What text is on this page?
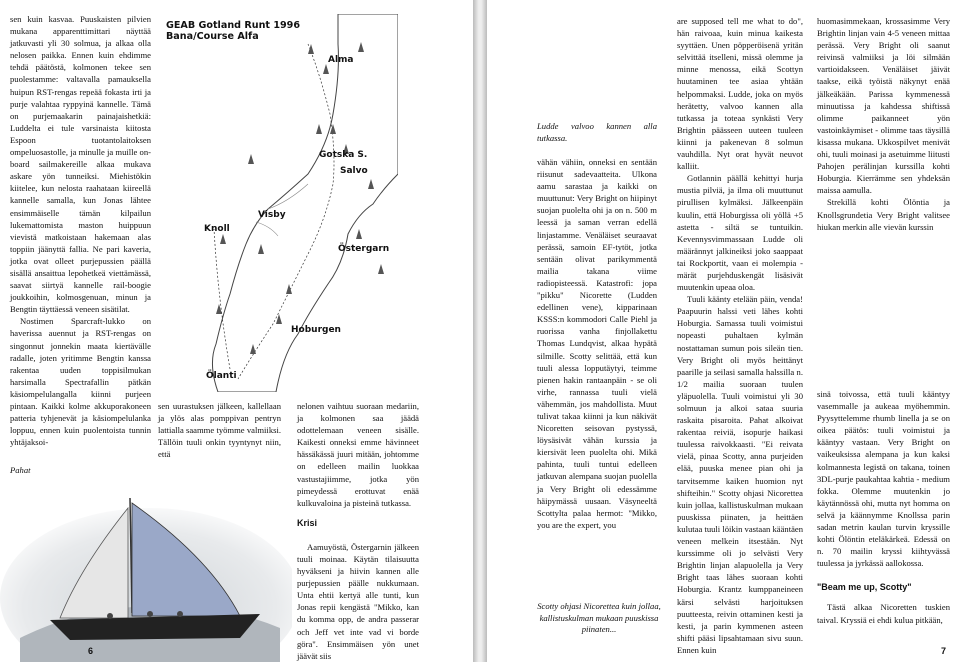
sen kuin kasvaa. Puuskaisten pilvien mukana apparenttimittari näyttää jatkuvasti yli 30 solmua, ja alkaa olla nelosen paikka. Ennen kuin ehdimme tehdä päätöstä, kolmonen tekee sen puolestamme: valtavalla pamauksella huipun RST-rengas repeää fokasta irti ja purje valahtaa ryppyinä kannelle. Tämä on purjemaakarin painajaishetkiä: Luddelta ei tule varsinaista kiitosta Espoon tuotantolaitoksen ompeluosastolle, ja minulle ja muille on-board sailmakereille alkaa mukava askare yön tunneiksi. Miehistökin kiitelee, kun nelosta raahataan kiireellä kannelle samalla, kun Jonas lähtee ensimmäiselle tämän kilpailun lukemattomista maston huippuun vievistä matkoistaan hakemaan alas toppiin jäänyttä fallia. Ne pari kaveria, jotka ovat olleet purjepussien päällä sisällä ansaittua lepohetkeä viettämässä, saavat siirtyä kannelle rail-boogie joukkoihin, kolmosgenuan, minun ja Bengtin täyttäessä veneen sisätilat.

Nostimen Sparcraft-lukko on haverissa auennut ja RST-rengas on singonnut jonnekin maata kiertävälle radalle, joten yritimme Bengtin kanssa rakentaa uuden toppisilmukan harsimalla Spectrafallin pätkän käsiompelulangalla kiinni purjeen pintaan. Kaikki kolme akkuporakoneen patteria tyhjenevät ja käsiompelulanka loppuu, ennen kuin puolentoista tunnin yhtäjaksoi-

Pahat

GEAB Gotland Runt 1996
Bana/Course Alfa
Alma
Gotska S.
Salvo
Östergarn
Visby
Knoll
Hoburgen
Ölanti

sen uurastuksen jälkeen, kallellaan ja ylös alas pomppivan pentryn lattialla saamme työmme valmiiksi. Tällöin tuuli onkin tyyntynyt niin, että

6

nelonen vaihtuu suoraan medariin, ja kolmonen saa jäädä odottelemaan veneen sisälle. Kaikesti onneksi emme hävinneet hässäkässä juuri mitään, johtomme on edelleen mailin luokkaa vastustajiimme, jotka yön pimeydessä erottuvat enää kulkuvaloina ja pisteinä tutkassa.

Krisi

Aamuyöstä, Östergarnin jälkeen tuuli moinaa. Käytän tilaisuutta hyväkseni ja hiivin kannen alle purjepussien päälle nukkumaan. Unta ehtii kertyä alle tunti, kun Jonas repii kengästä "Mikko, kan du komma opp, de andra passerar och Jeff vet inte vad vi borde göra". Ensimmäisen yön unet jäävät siis

Ludde valvoo kannen alla tutkassa.

vähän vähiin, onneksi en sentään riisunut sadevaatteita. Ulkona aamu sarastaa ja kaikki on muuttunut: Very Bright on hiipinyt suojan puolelta ohi ja on n. 500 m leessä ja saman verran edellä linjastamme. Venäläiset seuraavat perässä, samoin EF-tytöt, jotka sentään olivat parikymmentä mailia takana viime radiopisteessä. Katastrofi: jopa "pikku" Nicorette (Ludden edellinen vene), kipparinaan KSSS:n kommodori Calle Piehl ja ruorissa vanha finjollakettu Thomas Lundqvist, alkaa hypätä silmille. Scotty selittää, että kun tuuli alessa lopputäytyi, teimme pienen hakin rantaanpäin - se oli virhe, rannassa tuuli vielä vähemmän, jos mahdollista. Muut tulivat takaa kiinni ja kun näkivät Nicoretten seisovan pystyssä, löysäsivät vähän kurssia ja kiersivät leen puolelta ohi. Mikä pahinta, tuuli tuntui edelleen jatkuvan alempana suojan puolella ja Very Bright oli edessämme häipymässä uusaan. Väsyneeltä Scottylta palaa hermot: "Mikko, you are the expert, you

Scotty ohjasi Nicorettea kuin jollaa, kallistuskulman mukaan puuskissa piinaten...

are supposed tell me what to do", hän raivoaa, kuin minua kaikesta syyttäen. Unen pöpperöisenä yritän selvittää itselleni, missä olemme ja minne menossa, eikä Scottyn huutaminen tee asiaa yhtään helpommaksi. Ludde, joka on myös herätetty, valvoo kannen alla tutkassa ja toteaa synkästi Very Brightin päässeen uuteen tuuleen kiinni ja pakenevan 8 solmun vauhdilla. Nyt orat hyvät neuvot kalliit.

Gotlannin päällä kehittyi hurja mustia pilviä, ja ilma oli muuttunut pirullisen kylmäksi. Jälkeenpäin kuulin, että Hoburgissa oli yöllä +5 astetta - siltä se tuntuikin. Kevennysvimmassaan Ludde oli määrännyt jalkineiksi joko saappaat tai Rockportit, vaan ei molempia - märät purjehduskengät lisäsivät muutenkin upeaa oloa.

Tuuli käänty etelään päin, venda! Paapuurin halssi veti lähes kohti Hoburgia. Samassa tuuli voimistui nopeasti puhaltaen kylmän nostattaman sumun pois sileän tien. Very Bright oli myös heittänyt paarille ja seilasi samalla halssilla n. 1/2 mailia suoraan tuulen yläpuolella. Tuuli voimistui yli 30 solmuun ja alkoi sataa suuria raskaita pisaroita. Pahat alkoivat rakentaa reiviä, isopurje haikasi tuulessa raivokkaasti. "Ei reivata vielä, pinaa Scotty, anna purjeiden elää, puuska menee pian ohi ja tarvitsemme kaiken huomion nyt shifteihin." Scotty ohjasi Nicorettea kuin jollaa, kallistuskulman mukaan puuskissa piinaten, ja heittäen kulutaa tuuli löikin vastaan kääntäen veneen melkein itsestään. Nyt kurssimme oli jo selvästi Very Brightin linjan alapuolella ja Very Bright taas lähes suoraan kohti Hoburgia. Krantz kumppaneineen kärsi selvästi harjoituksen puutteesta, reivin ottaminen kesti ja kesti, ja parin kymmenen asteen shifti pääsi lipsahtamaan sivu suun. Ennen kuin

huomasimmekaan, krossasimme Very Brightin linjan vain 4-5 veneen mittaa perässä. Very Bright oli saanut reivinsä valmiiksi ja löi silmään vartioidakseen. Venäläiset jäivät taakse, eikä työistä näkynyt enää jälkeäkään. Parissa kymmenessä minuutissa ja kahdessa shiftissä olimme paikanneet yön vastoinkäymiset - olimme taas täysillä kisassa mukana. Ukkospilvet menivät ohi, tuuli moinasi ja asetuimme liitusti Pahojen perälinjan kurssilla kohti Hoburgia. Kierrämme sen yhdeksän maissa aamulla.

Strekillä kohti Ölöntia ja Knollsgrundetia Very Bright valitsee hiukan merkin alle vievän kurssin

sinä toivossa, että tuuli kääntyy vasemmalle ja aukeaa myöhemmin. Pyysyttelemme rhumb linella ja se on oikea päätös: tuuli voimistui ja kääntyy vastaan. Very Bright on vaikeuksissa alempana ja kun kaksi kolmannesta legistä on takana, toinen 3DL-purje paukahtaa kahtia - medium fokka. Olemme muutenkin jo käytännössä ohi, mutta nyt homma on selvä ja käännymme Knollssa parin sadan metrin kaulan turvin kryssille kohti Ölöntin eteläkärkeä. Edessä on n. 70 mailin kryssi kiihtyvässä tuulessa ja jyrkässä aallokossa.

"Beam me up, Scotty"

Tästä alkaa Nicoretten tuskien taival. Kryssiä ei ehdi kulua pitkään,

7
